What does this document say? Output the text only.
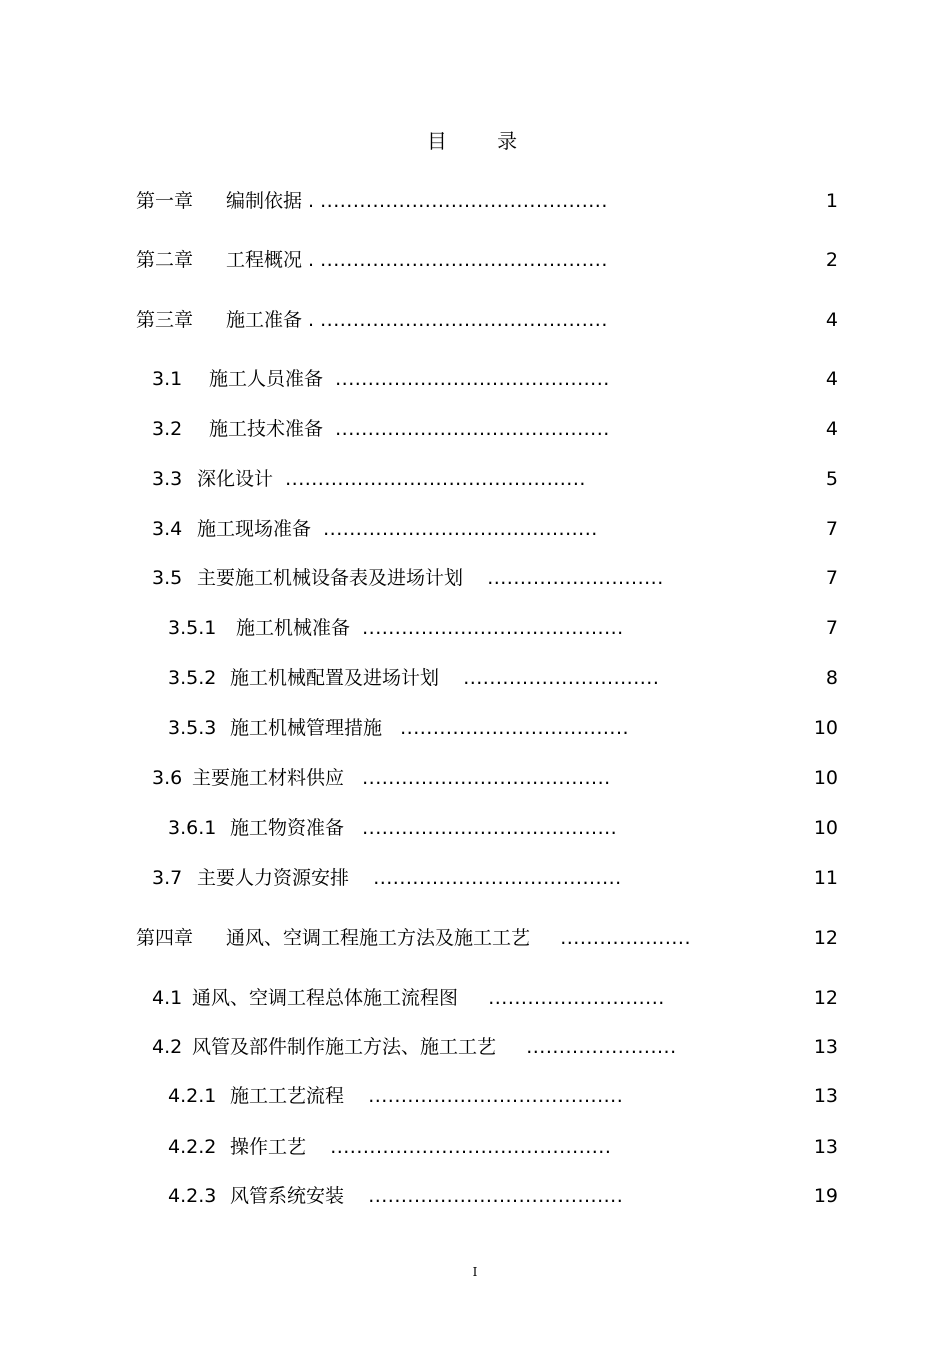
目 录
第一章 编制依据 . ............................................	1
第二章 工程概况 . ............................................	2
第三章 施工准备 . ............................................	4
3.1 施工人员准备 ..........................................	4
3.2 施工技术准备 ..........................................	4
3.3 深化设计 ..............................................	5
3.4 施工现场准备 ..........................................	7
3.5 主要施工机械设备表及进场计划 ...........................	7
3.5.1 施工机械准备 ........................................	7
3.5.2 施工机械配置及进场计划 ..............................	8
3.5.3 施工机械管理措施 ...................................	10
3.6 主要施工材料供应 ......................................	10
3.6.1 施工物资准备 .......................................	10
3.7 主要人力资源安排 ......................................	11
第四章 通风、空调工程施工方法及施工工艺 ....................	12
4.1 通风、空调工程总体施工流程图 ...........................	12
4.2 风管及部件制作施工方法、施工工艺 .......................	13
4.2.1 施工工艺流程 .......................................	13
4.2.2 操作工艺 ...........................................	13
4.2.3 风管系统安装 .......................................	19
I
